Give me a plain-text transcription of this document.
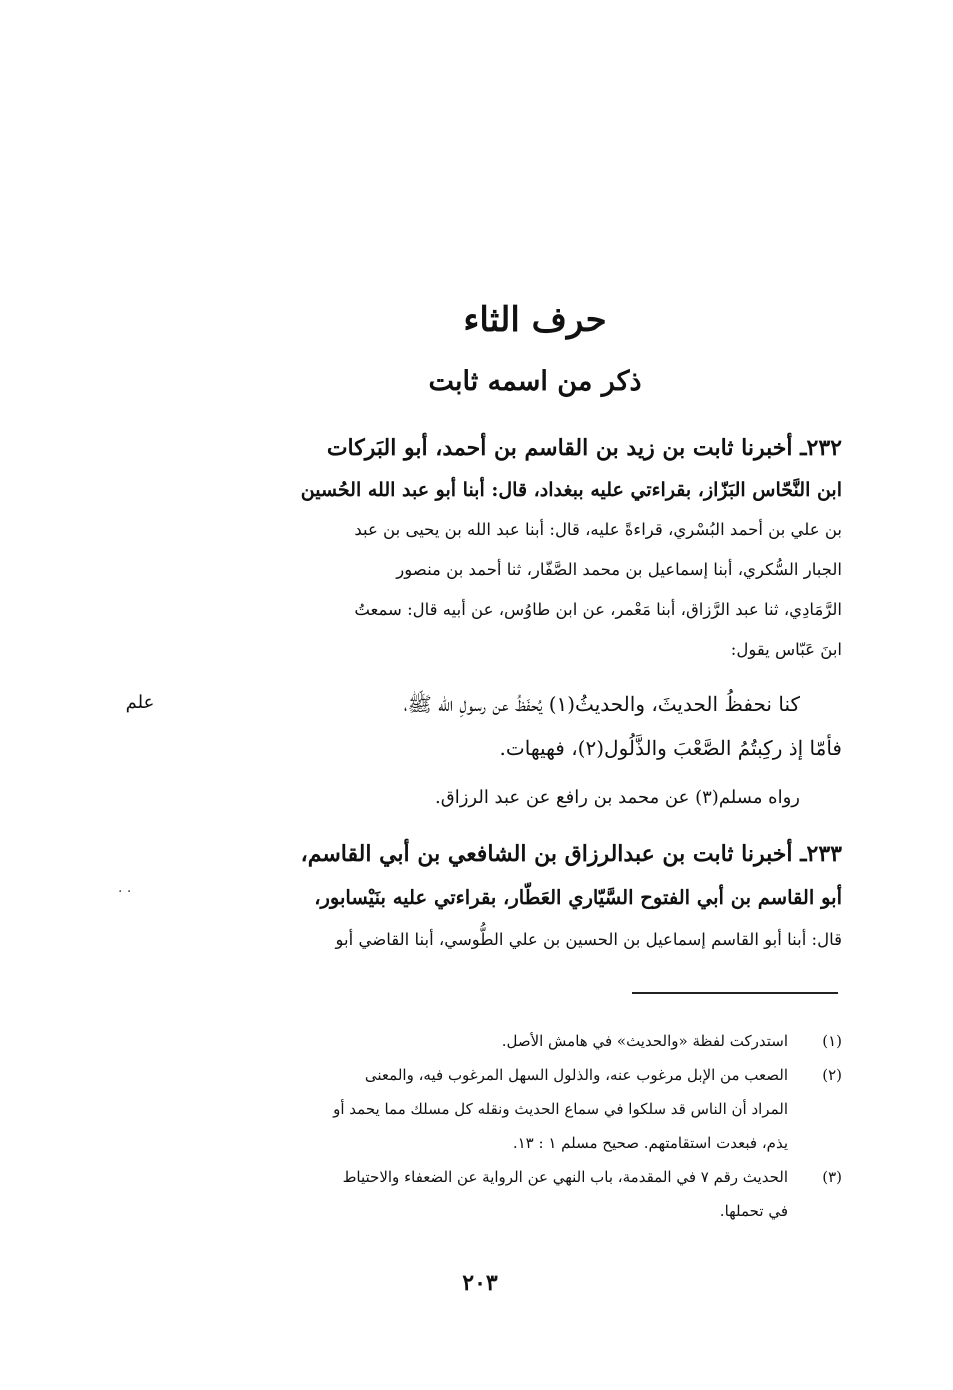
حرف الثاء
ذكر من اسمه ثابت
٢٣٢ـ أخبرنا ثابت بن زيد بن القاسم بن أحمد، أبو البَركات
ابن النَّحّاس البَزّاز، بقراءتي عليه ببغداد، قال: أبنا أبو عبد الله الحُسين
بن علي بن أحمد البُسْري، قراءةً عليه، قال: أبنا عبد الله بن يحيى بن عبد
الجبار السُّكري، أبنا إسماعيل بن محمد الصَّفّار، ثنا أحمد بن منصور
الرَّمَادِي، ثنا عبد الرَّزاق، أبنا مَعْمر، عن ابن طاوُس، عن أبيه قال: سمعتُ
ابنَ عَبّاس يقول:
كنا نحفظُ الحديثَ، والحديثُ(١) يُحفَظُ عن رسولِ الله ﷺ،
فأمّا إذ ركِبتُمُ الصَّعْبَ والذَّلُول(٢)، فهيهات.
رواه مسلم(٣) عن محمد بن رافع عن عبد الرزاق.
٢٣٣ـ أخبرنا ثابت بن عبدالرزاق بن الشافعي بن أبي القاسم،
أبو القاسم بن أبي الفتوح السَّيّاري العَطّار، بقراءتي عليه بنَيْسابور،
قال: أبنا أبو القاسم إسماعيل بن الحسين بن علي الطُّوسي، أبنا القاضي أبو
علم
. .
(١)
استدركت لفظة «والحديث» في هامش الأصل.
(٢)
الصعب من الإبل مرغوب عنه، والذلول السهل المرغوب فيه، والمعنى
المراد أن الناس قد سلكوا في سماع الحديث ونقله كل مسلك مما يحمد أو
يذم، فبعدت استقامتهم. صحيح مسلم ١ : ١٣.
(٣)
الحديث رقم ٧ في المقدمة، باب النهي عن الرواية عن الضعفاء والاحتياط
في تحملها.
٢٠٣
